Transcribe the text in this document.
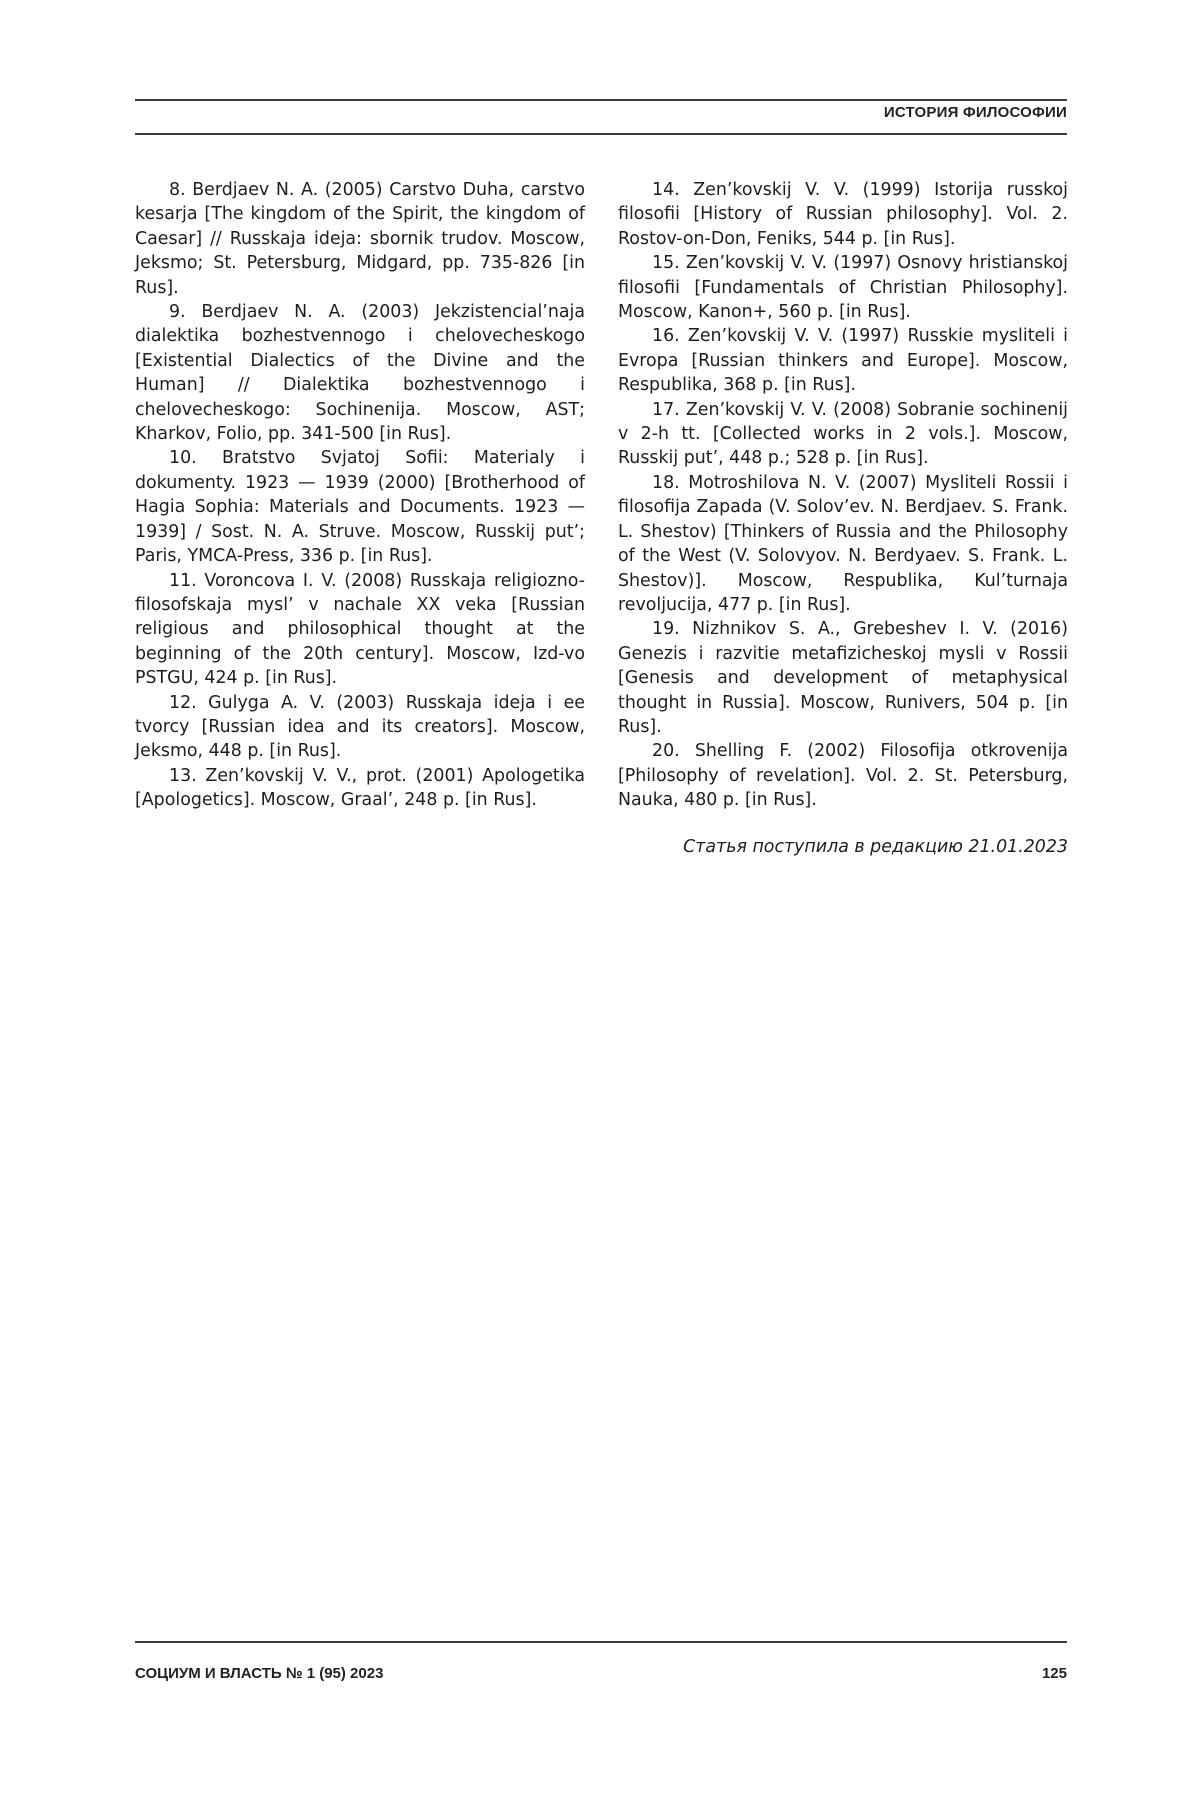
ИСТОРИЯ ФИЛОСОФИИ

8. Berdjaev N. A. (2005) Carstvo Duha, carstvo kesarja [The kingdom of the Spirit, the kingdom of Caesar] // Russkaja ideja: sbornik trudov. Moscow, Jeksmo; St. Petersburg, Midgard, pp. 735-826 [in Rus].

9. Berdjaev N. A. (2003) Jekzistencial’naja dialektika bozhestvennogo i chelovecheskogo [Existential Dialectics of the Divine and the Human] // Dialektika bozhestvennogo i chelovecheskogo: Sochinenija. Moscow, AST; Kharkov, Folio, pp. 341-500 [in Rus].

10. Bratstvo Svjatoj Sofii: Materialy i dokumenty. 1923 — 1939 (2000) [Brotherhood of Hagia Sophia: Materials and Documents. 1923 — 1939] / Sost. N. A. Struve. Moscow, Russkij put’; Paris, YMCA-Press, 336 p. [in Rus].

11. Voroncova I. V. (2008) Russkaja religiozno-filosofskaja mysl’ v nachale XX veka [Russian religious and philosophical thought at the beginning of the 20th century]. Moscow, Izd-vo PSTGU, 424 p. [in Rus].

12. Gulyga A. V. (2003) Russkaja ideja i ee tvorcy [Russian idea and its creators]. Moscow, Jeksmo, 448 p. [in Rus].

13. Zen’kovskij V. V., prot. (2001) Apologetika [Apologetics]. Moscow, Graal’, 248 p. [in Rus].

14. Zen’kovskij V. V. (1999) Istorija russkoj filosofii [History of Russian philosophy]. Vol. 2. Rostov-on-Don, Feniks, 544 p. [in Rus].

15. Zen’kovskij V. V. (1997) Osnovy hristianskoj filosofii [Fundamentals of Christian Philosophy]. Moscow, Kanon+, 560 p. [in Rus].

16. Zen’kovskij V. V. (1997) Russkie mysliteli i Evropa [Russian thinkers and Europe]. Moscow, Respublika, 368 p. [in Rus].

17. Zen’kovskij V. V. (2008) Sobranie sochinenij v 2-h tt. [Collected works in 2 vols.]. Moscow, Russkij put’, 448 p.; 528 p. [in Rus].

18. Motroshilova N. V. (2007) Mysliteli Rossii i filosofija Zapada (V. Solov’ev. N. Berdjaev. S. Frank. L. Shestov) [Thinkers of Russia and the Philosophy of the West (V. Solovyov. N. Berdyaev. S. Frank. L. Shestov)]. Moscow, Respublika, Kul’turnaja revoljucija, 477 p. [in Rus].

19. Nizhnikov S. A., Grebeshev I. V. (2016) Genezis i razvitie metafizicheskoj mysli v Rossii [Genesis and development of metaphysical thought in Russia]. Moscow, Runivers, 504 p. [in Rus].

20. Shelling F. (2002) Filosofija otkrovenija [Philosophy of revelation]. Vol. 2. St. Petersburg, Nauka, 480 p. [in Rus].

Статья поступила в редакцию 21.01.2023

СОЦИУМ И ВЛАСТЬ № 1 (95) 2023	125
